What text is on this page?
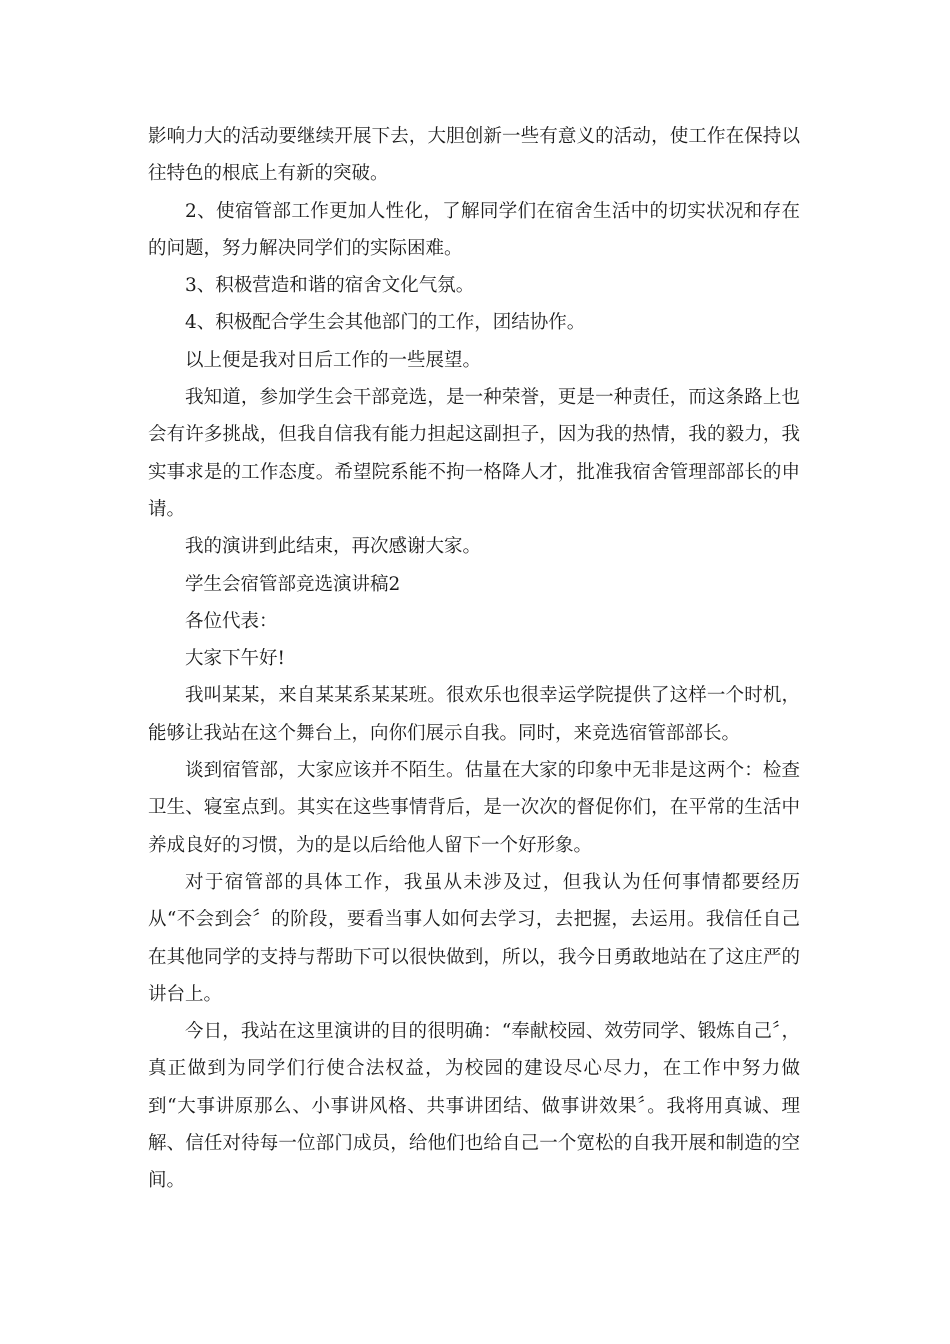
影响力大的活动要继续开展下去，大胆创新一些有意义的活动，使工作在保持以往特色的根底上有新的突破。

2、使宿管部工作更加人性化，了解同学们在宿舍生活中的切实状况和存在的问题，努力解决同学们的实际困难。

3、积极营造和谐的宿舍文化气氛。

4、积极配合学生会其他部门的工作，团结协作。

以上便是我对日后工作的一些展望。

我知道，参加学生会干部竞选，是一种荣誉，更是一种责任，而这条路上也会有许多挑战，但我自信我有能力担起这副担子，因为我的热情，我的毅力，我实事求是的工作态度。希望院系能不拘一格降人才，批准我宿舍管理部部长的申请。

我的演讲到此结束，再次感谢大家。

学生会宿管部竞选演讲稿2

各位代表：

大家下午好!

我叫某某，来自某某系某某班。很欢乐也很幸运学院提供了这样一个时机，能够让我站在这个舞台上，向你们展示自我。同时，来竞选宿管部部长。

谈到宿管部，大家应该并不陌生。估量在大家的印象中无非是这两个：检查卫生、寝室点到。其实在这些事情背后，是一次次的督促你们，在平常的生活中养成良好的习惯，为的是以后给他人留下一个好形象。

对于宿管部的具体工作，我虽从未涉及过，但我认为任何事情都要经历从“不会到会〞的阶段，要看当事人如何去学习，去把握，去运用。我信任自己在其他同学的支持与帮助下可以很快做到，所以，我今日勇敢地站在了这庄严的讲台上。

今日，我站在这里演讲的目的很明确：“奉献校园、效劳同学、锻炼自己〞，真正做到为同学们行使合法权益，为校园的建设尽心尽力，在工作中努力做到“大事讲原那么、小事讲风格、共事讲团结、做事讲效果〞。我将用真诚、理解、信任对待每一位部门成员，给他们也给自己一个宽松的自我开展和制造的空间。
